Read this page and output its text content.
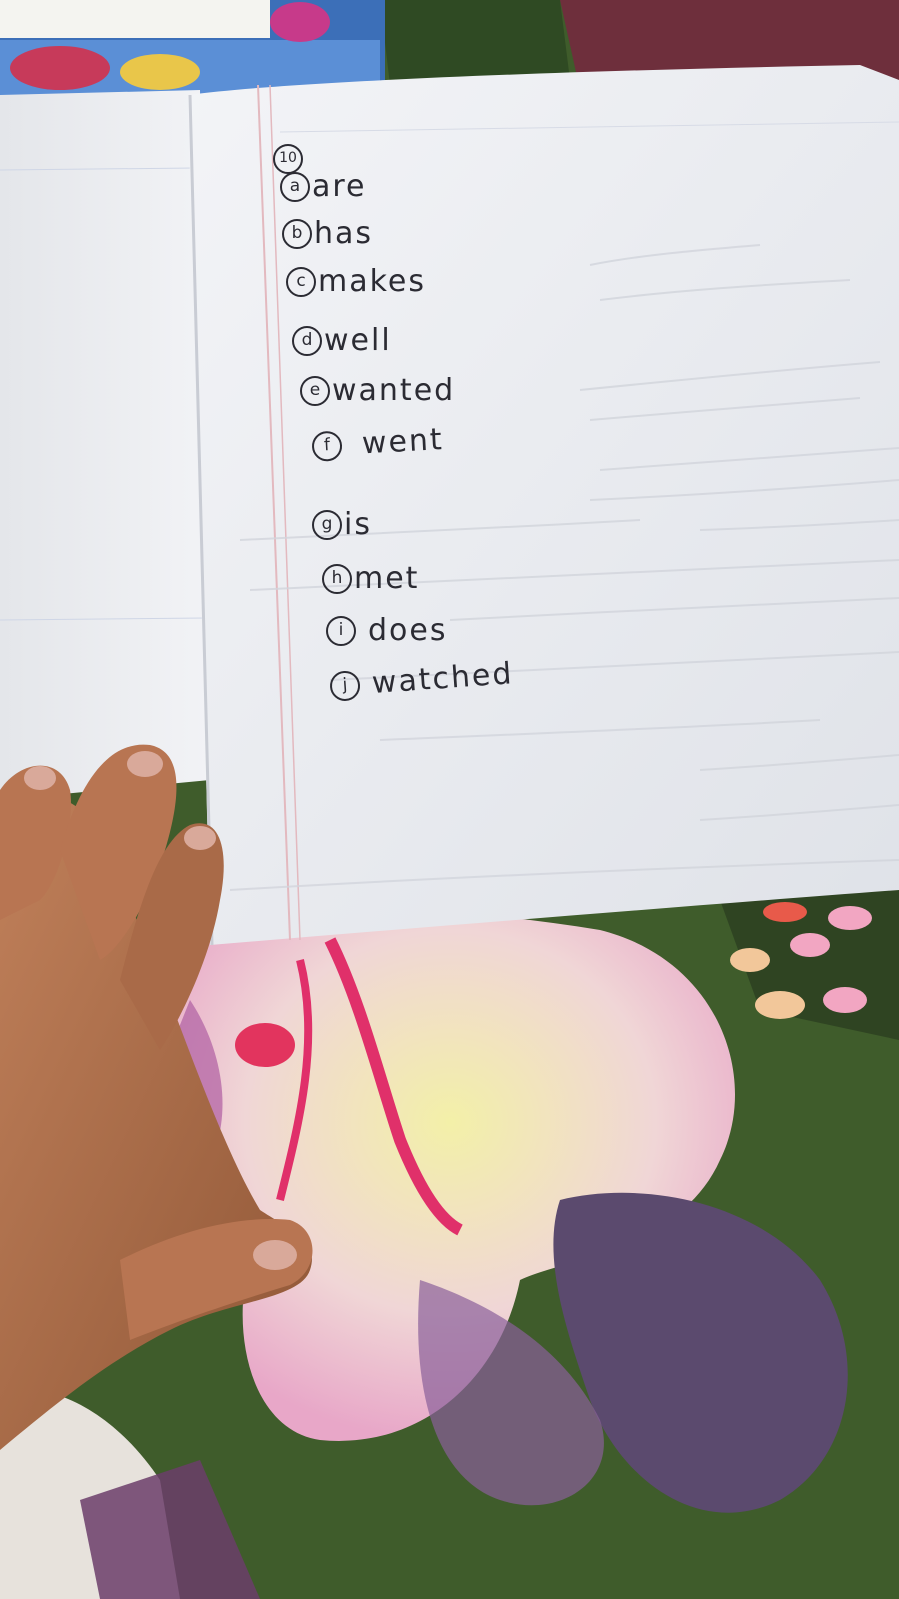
10
a are
b has
c makes
d well
e wanted
f went
g is
h met
i does
j watched
